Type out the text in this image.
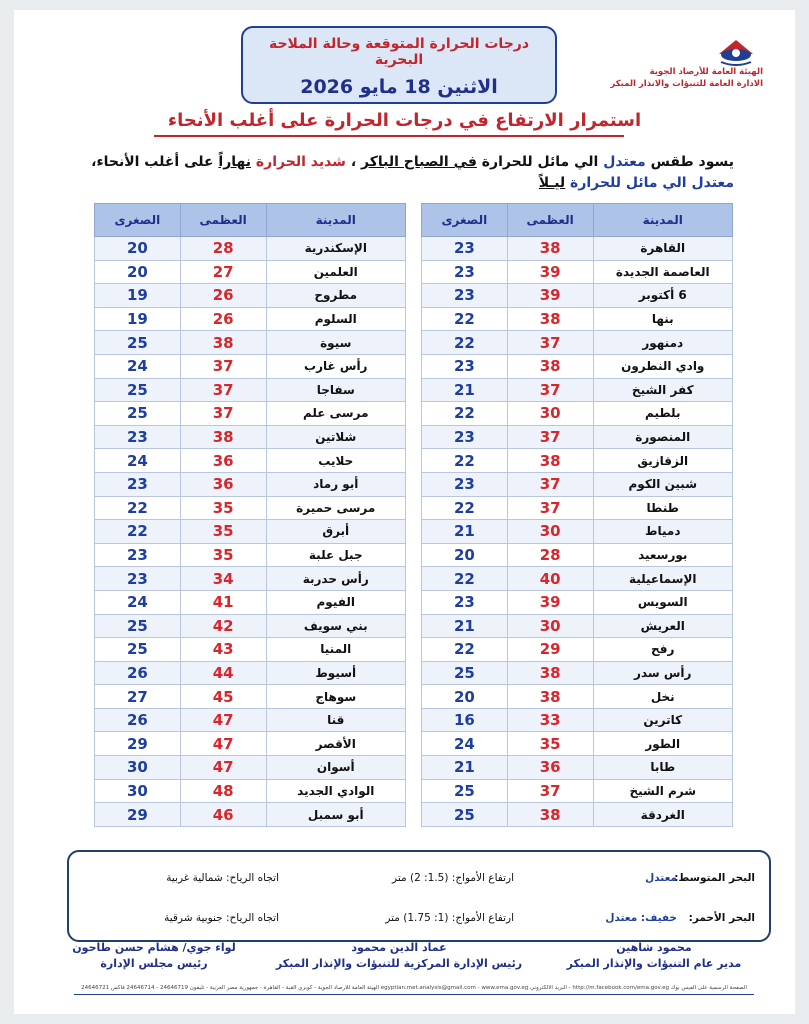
درجات الحرارة المتوقعة وحالة الملاحة البحرية
الاثنين 18 مايو 2026
الهيئة العامة للأرصاد الجوية
الادارة العامة للتنبؤات والانذار المبكر
استمرار الارتفاع في درجات الحرارة على أغلب الأنحاء
يسود طقس معتدل الي مائل للحرارة في الصباح الباكر ، شديد الحرارة نهاراً على أغلب الأنحاء،
معتدل الي مائل للحرارة ليـلاً
المدينة	العظمى	الصغرى
القاهرة	38	23
العاصمة الجديدة	39	23
6 أكتوبر	39	23
بنها	38	22
دمنهور	37	22
وادي النطرون	38	23
كفر الشيخ	37	21
بلطيم	30	22
المنصورة	37	23
الزقازيق	38	22
شبين الكوم	37	23
طنطا	37	22
دمياط	30	21
بورسعيد	28	20
الإسماعيلية	40	22
السويس	39	23
العريش	30	21
رفح	29	22
رأس سدر	38	25
نخل	38	20
كاترين	33	16
الطور	35	24
طابا	36	21
شرم الشيخ	37	25
الغردقة	38	25
المدينة	العظمى	الصغرى
الإسكندرية	28	20
العلمين	27	20
مطروح	26	19
السلوم	26	19
سيوة	38	25
رأس غارب	37	24
سفاجا	37	25
مرسى علم	37	25
شلاتين	38	23
حلايب	36	24
أبو رماد	36	23
مرسى حميرة	35	22
أبرق	35	22
جبل علبة	35	23
رأس حدربة	34	23
الفيوم	41	24
بني سويف	42	25
المنيا	43	25
أسيوط	44	26
سوهاج	45	27
قنا	47	26
الأقصر	47	29
أسوان	47	30
الوادي الجديد	48	30
أبو سمبل	46	29
البحر المتوسط:
معتدل
ارتفاع الأمواج: (1.5: 2) متر
اتجاه الرياح: شمالية غربية
البحر الأحمر:
خفيف: معتدل
ارتفاع الأمواج: (1: 1.75) متر
اتجاه الرياح: جنوبية شرقية
محمود شاهين
مدير عام التنبؤات والإنذار المبكر
عماد الدين محمود
رئيس الإدارة المركزية للتنبؤات والإنذار المبكر
لواء جوي/ هشام حسن طاحون
رئيس مجلس الإدارة
الصفحة الرسمية على الفيس بوك http://m.facebook.com/ema.gov.eg - البريد الالكتروني egyptian.met.analysis@gmail.com - www.ema.gov.eg الهيئة العامة للأرصاد الجوية - كوبري القبة - القاهرة - جمهورية مصر العربية - تليفون 24646719 - 24646714 فاكس 24646721
